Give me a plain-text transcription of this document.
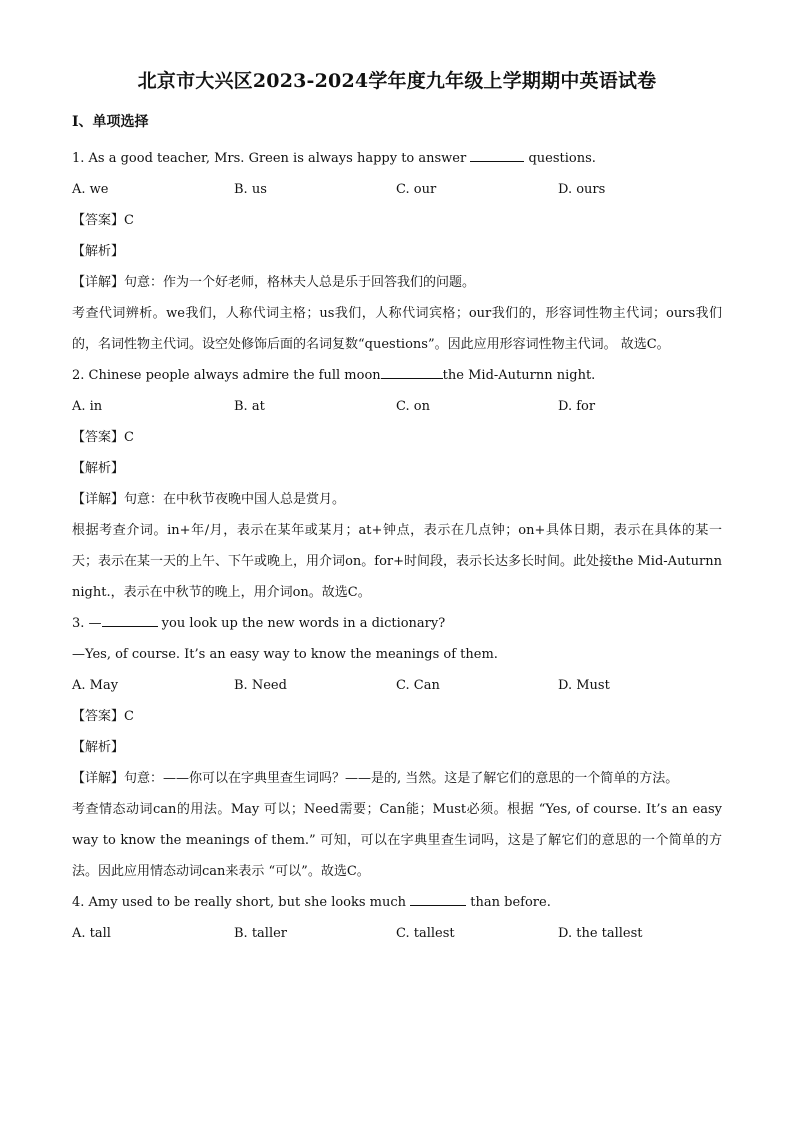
北京市大兴区2023-2024学年度九年级上学期期中英语试卷
Ⅰ、单项选择

1. As a good teacher, Mrs. Green is always happy to answer	questions.

A. we	B. us	C. our	D. ours

【答案】C

【解析】

【详解】句意：作为一个好老师，格林夫人总是乐于回答我们的问题。

考查代词辨析。we我们，人称代词主格；us我们，人称代词宾格；our我们的，形容词性物主代词；ours我们的，名词性物主代词。设空处修饰后面的名词复数“questions”。因此应用形容词性物主代词。 故选C。

2. Chinese people always admire the full moon	the Mid-Auturnn night.

A. in	B. at	C. on	D. for

【答案】C

【解析】

【详解】句意：在中秋节夜晚中国人总是赏月。

根据考查介词。in+年/月，表示在某年或某月；at+钟点，表示在几点钟；on+具体日期，表示在具体的某一天；表示在某一天的上午、下午或晚上，用介词on。for+时间段，表示长达多长时间。此处接the Mid-Auturnn night.，表示在中秋节的晚上，用介词on。故选C。

3. —	you look up the new words in a dictionary?

—Yes, of course. It’s an easy way to know the meanings of them.

A. May	B. Need	C. Can	D. Must

【答案】C

【解析】

【详解】句意：——你可以在字典里查生词吗？——是的, 当然。这是了解它们的意思的一个简单的方法。

考查情态动词can的用法。May 可以；Need需要；Can能；Must必须。根据 “Yes, of course. It’s an easy way to know the meanings of them.” 可知，可以在字典里查生词吗，这是了解它们的意思的一个简单的方法。因此应用情态动词can来表示 “可以”。故选C。

4. Amy used to be really short, but she looks much	than before.

A. tall	B. taller	C. tallest	D. the tallest
